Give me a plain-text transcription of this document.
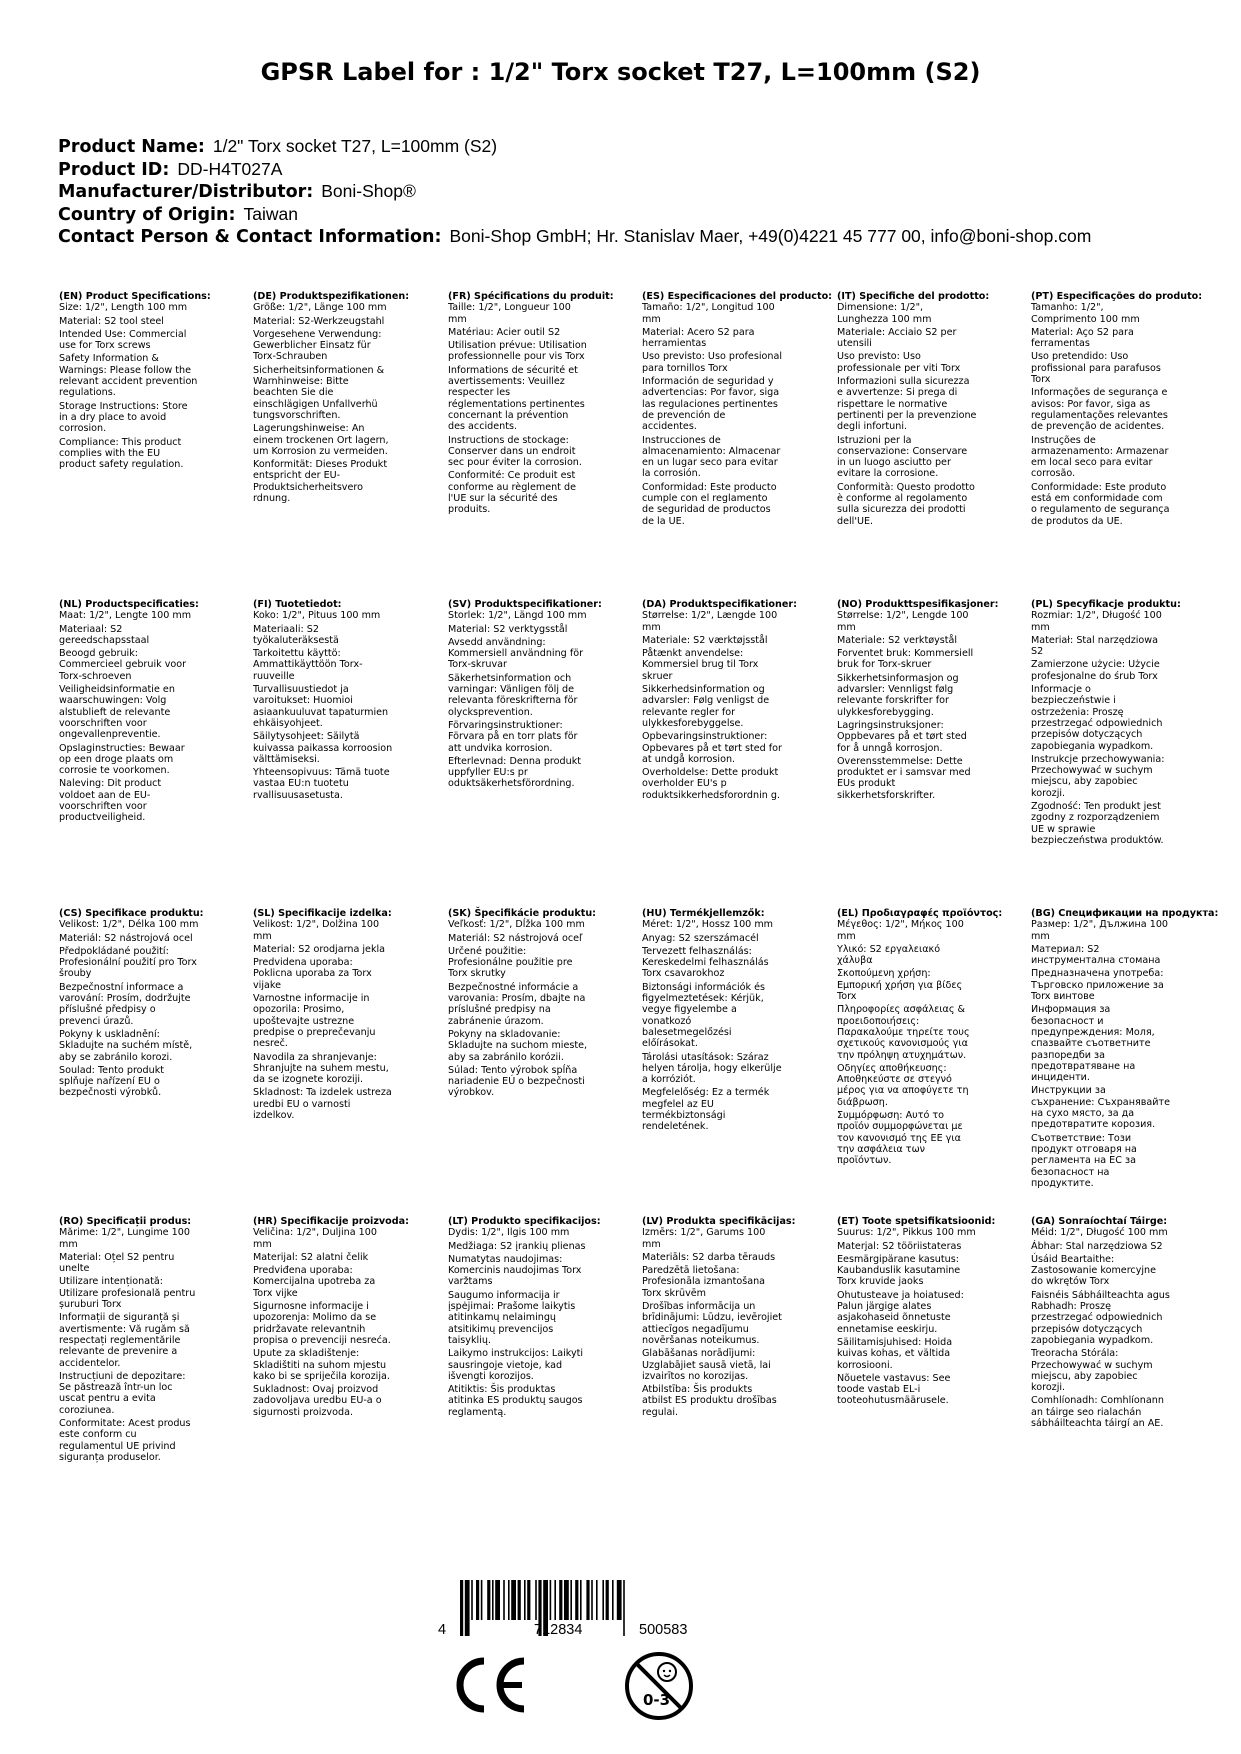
GPSR Label for : 1/2" Torx socket T27, L=100mm (S2)
Product Name: 1/2" Torx socket T27, L=100mm (S2)
Product ID: DD-H4T027A
Manufacturer/Distributor: Boni-Shop®
Country of Origin: Taiwan
Contact Person & Contact Information: Boni-Shop GmbH; Hr. Stanislav Maer, +49(0)4221 45 777 00, info@boni-shop.com
(EN) Product Specifications:
Size: 1/2", Length 100 mm
Material: S2 tool steel
Intended Use: Commercial use for Torx screws
Safety Information & Warnings: Please follow the relevant accident prevention regulations.
Storage Instructions: Store in a dry place to avoid corrosion.
Compliance: This product complies with the EU product safety regulation.
(DE) Produktspezifikationen:
Größe: 1/2", Länge 100 mm
Material: S2-Werkzeugstahl
Vorgesehene Verwendung: Gewerblicher Einsatz für Torx-Schrauben
Sicherheitsinformationen & Warnhinweise: Bitte beachten Sie die einschlägigen Unfallverhü tungsvorschriften.
Lagerungshinweise: An einem trockenen Ort lagern, um Korrosion zu vermeiden.
Konformität: Dieses Produkt entspricht der EU-Produktsicherheitsvero rdnung.
(FR) Spécifications du produit:
Taille: 1/2", Longueur 100 mm
Matériau: Acier outil S2
Utilisation prévue: Utilisation professionnelle pour vis Torx
Informations de sécurité et avertissements: Veuillez respecter les réglementations pertinentes concernant la prévention des accidents.
Instructions de stockage: Conserver dans un endroit sec pour éviter la corrosion.
Conformité: Ce produit est conforme au règlement de l'UE sur la sécurité des produits.
(ES) Especificaciones del producto:
Tamaño: 1/2", Longitud 100 mm
Material: Acero S2 para herramientas
Uso previsto: Uso profesional para tornillos Torx
Información de seguridad y advertencias: Por favor, siga las regulaciones pertinentes de prevención de accidentes.
Instrucciones de almacenamiento: Almacenar en un lugar seco para evitar la corrosión.
Conformidad: Este producto cumple con el reglamento de seguridad de productos de la UE.
(IT) Specifiche del prodotto:
Dimensione: 1/2", Lunghezza 100 mm
Materiale: Acciaio S2 per utensili
Uso previsto: Uso professionale per viti Torx
Informazioni sulla sicurezza e avvertenze: Si prega di rispettare le normative pertinenti per la prevenzione degli infortuni.
Istruzioni per la conservazione: Conservare in un luogo asciutto per evitare la corrosione.
Conformità: Questo prodotto è conforme al regolamento sulla sicurezza dei prodotti dell'UE.
(PT) Especificações do produto:
Tamanho: 1/2", Comprimento 100 mm
Material: Aço S2 para ferramentas
Uso pretendido: Uso profissional para parafusos Torx
Informações de segurança e avisos: Por favor, siga as regulamentações relevantes de prevenção de acidentes.
Instruções de armazenamento: Armazenar em local seco para evitar corrosão.
Conformidade: Este produto está em conformidade com o regulamento de segurança de produtos da UE.
(NL) Productspecificaties:
Maat: 1/2", Lengte 100 mm
Materiaal: S2 gereedschapsstaal
Beoogd gebruik: Commercieel gebruik voor Torx-schroeven
Veiligheidsinformatie en waarschuwingen: Volg alstublieft de relevante voorschriften voor ongevallenpreventie.
Opslaginstructies: Bewaar op een droge plaats om corrosie te voorkomen.
Naleving: Dit product voldoet aan de EU-voorschriften voor productveiligheid.
(FI) Tuotetiedot:
Koko: 1/2", Pituus 100 mm
Materiaali: S2 työkaluteräksestä
Tarkoitettu käyttö: Ammattikäyttöön Torx-ruuveille
Turvallisuustiedot ja varoitukset: Huomioi asiaankuuluvat tapaturmien ehkäisyohjeet.
Säilytysohjeet: Säilytä kuivassa paikassa korroosion välttämiseksi.
Yhteensopivuus: Tämä tuote vastaa EU:n tuotetu rvallisuusasetusta.
(SV) Produktspecifikationer:
Storlek: 1/2", Längd 100 mm
Material: S2 verktygsstål
Avsedd användning: Kommersiell användning för Torx-skruvar
Säkerhetsinformation och varningar: Vänligen följ de relevanta föreskrifterna för olycksprevention.
Förvaringsinstruktioner: Förvara på en torr plats för att undvika korrosion.
Efterlevnad: Denna produkt uppfyller EU:s pr oduktsäkerhetsförordning.
(DA) Produktspecifikationer:
Størrelse: 1/2", Længde 100 mm
Materiale: S2 værktøjsstål
Påtænkt anvendelse: Kommersiel brug til Torx skruer
Sikkerhedsinformation og advarsler: Følg venligst de relevante regler for ulykkesforebyggelse.
Opbevaringsinstruktioner: Opbevares på et tørt sted for at undgå korrosion.
Overholdelse: Dette produkt overholder EU's p roduktsikkerhedsforordnin g.
(NO) Produkttspesifikasjoner:
Størrelse: 1/2", Lengde 100 mm
Materiale: S2 verktøystål
Forventet bruk: Kommersiell bruk for Torx-skruer
Sikkerhetsinformasjon og advarsler: Vennligst følg relevante forskrifter for ulykkesforebygging.
Lagringsinstruksjoner: Oppbevares på et tørt sted for å unngå korrosjon.
Overensstemmelse: Dette produktet er i samsvar med EUs produkt sikkerhetsforskrifter.
(PL) Specyfikacje produktu:
Rozmiar: 1/2", Długość 100 mm
Materiał: Stal narzędziowa S2
Zamierzone użycie: Użycie profesjonalne do śrub Torx
Informacje o bezpieczeństwie i ostrzeżenia: Proszę przestrzegać odpowiednich przepisów dotyczących zapobiegania wypadkom.
Instrukcje przechowywania: Przechowywać w suchym miejscu, aby zapobiec korozji.
Zgodność: Ten produkt jest zgodny z rozporządzeniem UE w sprawie bezpieczeństwa produktów.
(CS) Specifikace produktu:
Velikost: 1/2", Délka 100 mm
Materiál: S2 nástrojová ocel
Předpokládané použití: Profesionální použití pro Torx šrouby
Bezpečnostní informace a varování: Prosím, dodržujte příslušné předpisy o prevenci úrazů.
Pokyny k uskladnění: Skladujte na suchém místě, aby se zabránilo korozi.
Soulad: Tento produkt splňuje nařízení EU o bezpečnosti výrobků.
(SL) Specifikacije izdelka:
Velikost: 1/2", Dolžina 100 mm
Material: S2 orodjarna jekla
Predvidena uporaba: Poklicna uporaba za Torx vijake
Varnostne informacije in opozorila: Prosimo, upoštevajte ustrezne predpise o preprečevanju nesreč.
Navodila za shranjevanje: Shranjujte na suhem mestu, da se izognete koroziji.
Skladnost: Ta izdelek ustreza uredbi EU o varnosti izdelkov.
(SK) Špecifikácie produktu:
Veľkosť: 1/2", Dĺžka 100 mm
Materiál: S2 nástrojová oceľ
Určené použitie: Profesionálne použitie pre Torx skrutky
Bezpečnostné informácie a varovania: Prosím, dbajte na príslušné predpisy na zabránenie úrazom.
Pokyny na skladovanie: Skladujte na suchom mieste, aby sa zabránilo korózii.
Súlad: Tento výrobok spĺňa nariadenie EÚ o bezpečnosti výrobkov.
(HU) Termékjellemzők:
Méret: 1/2", Hossz 100 mm
Anyag: S2 szerszámacél
Tervezett felhasználás: Kereskedelmi felhasználás Torx csavarokhoz
Biztonsági információk és figyelmeztetések: Kérjük, vegye figyelembe a vonatkozó balesetmegelőzési előírásokat.
Tárolási utasítások: Száraz helyen tárolja, hogy elkerülje a korróziót.
Megfelelőség: Ez a termék megfelel az EU termékbiztonsági rendeletének.
(EL) Προδιαγραφές προϊόντος:
Μέγεθος: 1/2", Μήκος 100 mm
Υλικό: S2 εργαλειακό χάλυβα
Σκοπούμενη χρήση: Εμπορική χρήση για βίδες Torx
Πληροφορίες ασφάλειας & προειδοποιήσεις: Παρακαλούμε τηρείτε τους σχετικούς κανονισμούς για την πρόληψη ατυχημάτων.
Οδηγίες αποθήκευσης: Αποθηκεύστε σε στεγνό μέρος για να αποφύγετε τη διάβρωση.
Συμμόρφωση: Αυτό το προϊόν συμμορφώνεται με τον κανονισμό της ΕΕ για την ασφάλεια των προϊόντων.
(BG) Спецификации на продукта:
Размер: 1/2", Дължина 100 mm
Материал: S2 инструментална стомана
Предназначена употреба: Търговско приложение за Torx винтове
Информация за безопасност и предупреждения: Моля, спазвайте съответните разпоредби за предотвратяване на инциденти.
Инструкции за съхранение: Съхранявайте на сухо място, за да предотвратите корозия.
Съответствие: Този продукт отговаря на регламента на ЕС за безопасност на продуктите.
(RO) Specificații produs:
Mărime: 1/2", Lungime 100 mm
Material: Oțel S2 pentru unelte
Utilizare intenționată: Utilizare profesională pentru șuruburi Torx
Informații de siguranță și avertismente: Vă rugăm să respectați reglementările relevante de prevenire a accidentelor.
Instrucțiuni de depozitare: Se păstrează într-un loc uscat pentru a evita coroziunea.
Conformitate: Acest produs este conform cu regulamentul UE privind siguranța produselor.
(HR) Specifikacije proizvoda:
Veličina: 1/2", Duljina 100 mm
Materijal: S2 alatni čelik
Predviđena uporaba: Komercijalna upotreba za Torx vijke
Sigurnosne informacije i upozorenja: Molimo da se pridržavate relevantnih propisa o prevenciji nesreća.
Upute za skladištenje: Skladištiti na suhom mjestu kako bi se spriječila korozija.
Sukladnost: Ovaj proizvod zadovoljava uredbu EU-a o sigurnosti proizvoda.
(LT) Produkto specifikacijos:
Dydis: 1/2", Ilgis 100 mm
Medžiaga: S2 įrankių plienas
Numatytas naudojimas: Komercinis naudojimas Torx varžtams
Saugumo informacija ir įspėjimai: Prašome laikytis atitinkamų nelaimingų atsitikimų prevencijos taisyklių.
Laikymo instrukcijos: Laikyti sausringoje vietoje, kad išvengti korozijos.
Atitiktis: Šis produktas atitinka ES produktų saugos reglamentą.
(LV) Produkta specifikācijas:
Izmērs: 1/2", Garums 100 mm
Materiāls: S2 darba tērauds
Paredzētā lietošana: Profesionāla izmantošana Torx skrūvēm
Drošības informācija un brīdinājumi: Lūdzu, ievērojiet attiecīgos negadījumu novēršanas noteikumus.
Glabāšanas norādījumi: Uzglabājiet sausā vietā, lai izvairītos no korozijas.
Atbilstība: Šis produkts atbilst ES produktu drošības regulai.
(ET) Toote spetsifikatsioonid:
Suurus: 1/2", Pikkus 100 mm
Materjal: S2 tööriistateras
Eesmärgipärane kasutus: Kaubanduslik kasutamine Torx kruvide jaoks
Ohutusteave ja hoiatused: Palun järgige alates asjakohaseid õnnetuste ennetamise eeskirju.
Säilitamisjuhised: Hoida kuivas kohas, et vältida korrosiooni.
Nõuetele vastavus: See toode vastab EL-i tooteohutusmäärusele.
(GA) Sonraíochtaí Táirge:
Méid: 1/2", Długość 100 mm
Ábhar: Stal narzędziowa S2
Úsáid Beartaithe: Zastosowanie komercyjne do wkrętów Torx
Faisnéis Sábháilteachta agus Rabhadh: Proszę przestrzegać odpowiednich przepisów dotyczących zapobiegania wypadkom.
Treoracha Stórála: Przechowywać w suchym miejscu, aby zapobiec korozji.
Comhlíonadh: Comhlíonann an táirge seo rialachán sábháilteachta táirgí an AE.
4	712834	500583
0-3
